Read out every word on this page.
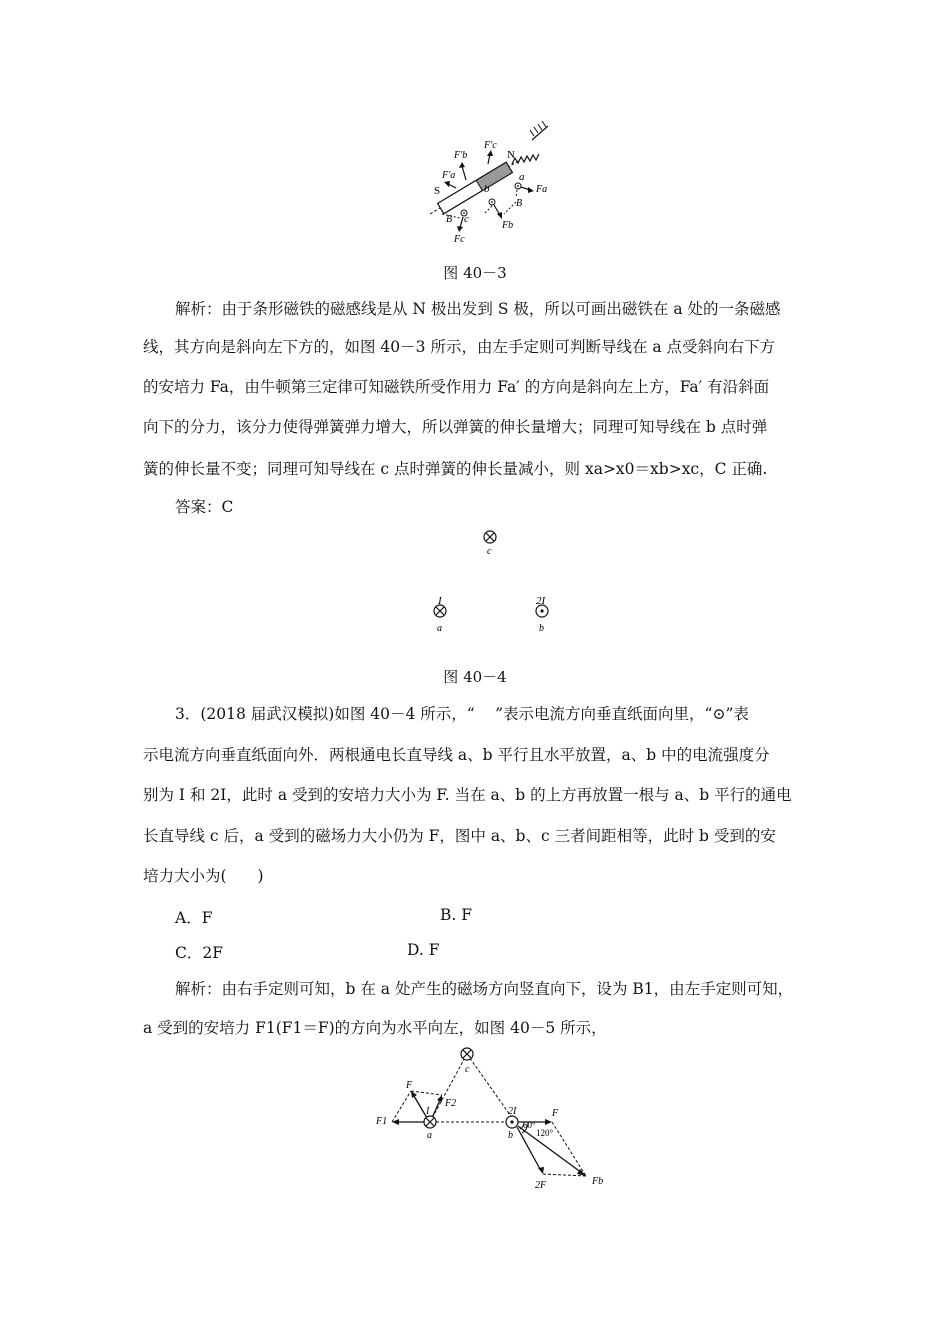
F′b
F′c
N
F′a
S	b
a
Fa
B
c
B
Fb
Fc
图 40－3
解析：由于条形磁铁的磁感线是从 N 极出发到 S 极，所以可画出磁铁在 a 处的一条磁感
线，其方向是斜向左下方的，如图 40－3 所示，由左手定则可判断导线在 a 点受斜向右下方
的安培力 Fa，由牛顿第三定律可知磁铁所受作用力 Fa′ 的方向是斜向左上方，Fa′ 有沿斜面
向下的分力，该分力使得弹簧弹力增大，所以弹簧的伸长量增大；同理可知导线在 b 点时弹
簧的伸长量不变；同理可知导线在 c 点时弹簧的伸长量减小，则 xa>x0＝xb>xc，C 正确.
答案：C
c
I
a
2I
b
图 40－4
3．(2018 届武汉模拟)如图 40－4 所示，“　 ”表示电流方向垂直纸面向里，“⊙”表
示电流方向垂直纸面向外．两根通电长直导线 a、b 平行且水平放置，a、b 中的电流强度分
别为 I 和 2I，此时 a 受到的安培力大小为 F. 当在 a、b 的上方再放置一根与 a、b 平行的通电
长直导线 c 后，a 受到的磁场力大小仍为 F，图中 a、b、c 三者间距相等，此时 b 受到的安
培力大小为(　　)
A．F	B. F
C．2F	D. F
解析：由右手定则可知，b 在 a 处产生的磁场方向竖直向下，设为 B1，由左手定则可知，
a 受到的安培力 F1(F1＝F)的方向为水平向左，如图 40－5 所示，
c
F
F2
I
F1
a
2I	F
60°
120°
b
2F	Fb
